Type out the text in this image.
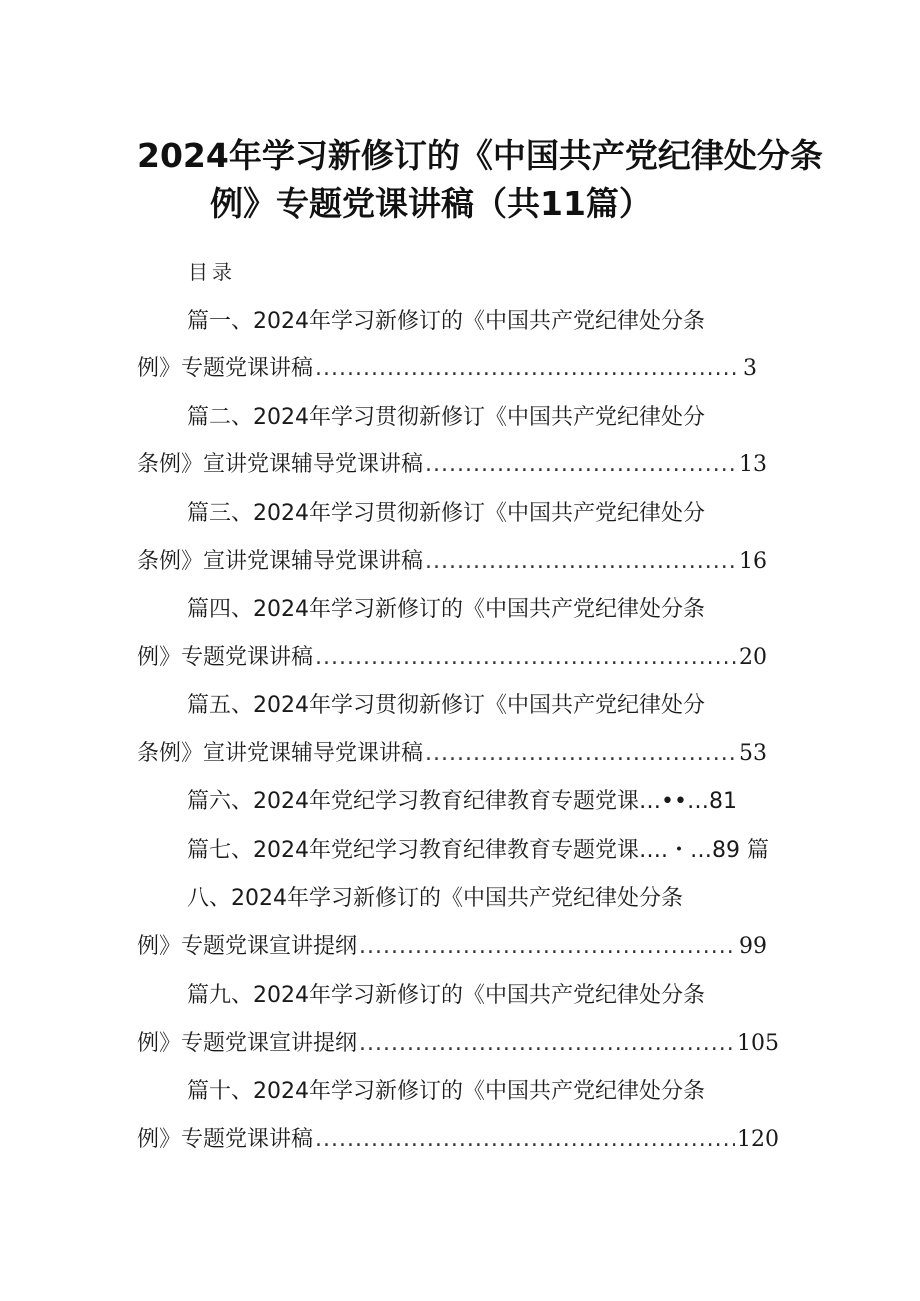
2024年学习新修订的《中国共产党纪律处分条
例》专题党课讲稿（共11篇）
目录
篇一、2024年学习新修订的《中国共产党纪律处分条
例》专题党课讲稿 .....	3
篇二、2024年学习贯彻新修订《中国共产党纪律处分
条例》宣讲党课辅导党课讲稿 .....	13
篇三、2024年学习贯彻新修订《中国共产党纪律处分
条例》宣讲党课辅导党课讲稿 .....	16
篇四、2024年学习新修订的《中国共产党纪律处分条
例》专题党课讲稿 .....	20
篇五、2024年学习贯彻新修订《中国共产党纪律处分
条例》宣讲党课辅导党课讲稿 .....	53
篇六、2024年党纪学习教育纪律教育专题党课…••…81
篇七、2024年党纪学习教育纪律教育专题党课….・…89 篇
八、2024年学习新修订的《中国共产党纪律处分条
例》专题党课宣讲提纲 .....	99
篇九、2024年学习新修订的《中国共产党纪律处分条
例》专题党课宣讲提纲 .....	105
篇十、2024年学习新修订的《中国共产党纪律处分条
例》专题党课讲稿 .....	120
